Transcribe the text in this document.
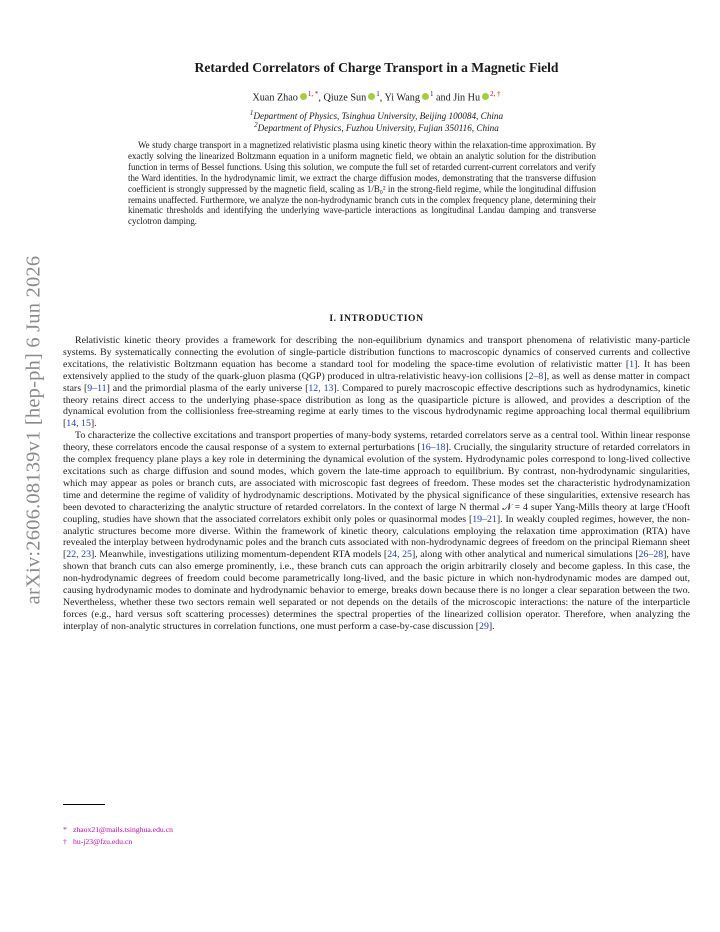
arXiv:2606.08139v1 [hep-ph] 6 Jun 2026
Retarded Correlators of Charge Transport in a Magnetic Field
Xuan Zhao $^{1, *}$, Qiuze Sun $^1$, Yi Wang $^1$ and Jin Hu $^{2, \dagger}$
$^1$Department of Physics, Tsinghua University, Beijing 100084, China
$^2$Department of Physics, Fuzhou University, Fujian 350116, China
We study charge transport in a magnetized relativistic plasma using kinetic theory within the relaxation-time approximation. By exactly solving the linearized Boltzmann equation in a uniform magnetic field, we obtain an analytic solution for the distribution function in terms of Bessel functions. Using this solution, we compute the full set of retarded current-current correlators and verify the Ward identities. In the hydrodynamic limit, we extract the charge diffusion modes, demonstrating that the transverse diffusion coefficient is strongly suppressed by the magnetic field, scaling as 1/B₀² in the strong-field regime, while the longitudinal diffusion remains unaffected. Furthermore, we analyze the non-hydrodynamic branch cuts in the complex frequency plane, determining their kinematic thresholds and identifying the underlying wave-particle interactions as longitudinal Landau damping and transverse cyclotron damping.
I. INTRODUCTION

Relativistic kinetic theory provides a framework for describing the non-equilibrium dynamics and transport phenomena of relativistic many-particle systems. By systematically connecting the evolution of single-particle distribution functions to macroscopic dynamics of conserved currents and collective excitations, the relativistic Boltzmann equation has become a standard tool for modeling the space-time evolution of relativistic matter [1]. It has been extensively applied to the study of the quark-gluon plasma (QGP) produced in ultra-relativistic heavy-ion collisions [2–8], as well as dense matter in compact stars [9–11] and the primordial plasma of the early universe [12, 13]. Compared to purely macroscopic effective descriptions such as hydrodynamics, kinetic theory retains direct access to the underlying phase-space distribution as long as the quasiparticle picture is allowed, and provides a description of the dynamical evolution from the collisionless free-streaming regime at early times to the viscous hydrodynamic regime approaching local thermal equilibrium [14, 15].

To characterize the collective excitations and transport properties of many-body systems, retarded correlators serve as a central tool. Within linear response theory, these correlators encode the causal response of a system to external perturbations [16–18]. Crucially, the singularity structure of retarded correlators in the complex frequency plane plays a key role in determining the dynamical evolution of the system. Hydrodynamic poles correspond to long-lived collective excitations such as charge diffusion and sound modes, which govern the late-time approach to equilibrium. By contrast, non-hydrodynamic singularities, which may appear as poles or branch cuts, are associated with microscopic fast degrees of freedom. These modes set the characteristic hydrodynamization time and determine the regime of validity of hydrodynamic descriptions. Motivated by the physical significance of these singularities, extensive research has been devoted to characterizing the analytic structure of retarded correlators. In the context of large N thermal 𝒩 = 4 super Yang-Mills theory at large t'Hooft coupling, studies have shown that the associated correlators exhibit only poles or quasinormal modes [19–21]. In weakly coupled regimes, however, the non-analytic structures become more diverse. Within the framework of kinetic theory, calculations employing the relaxation time approximation (RTA) have revealed the interplay between hydrodynamic poles and the branch cuts associated with non-hydrodynamic degrees of freedom on the principal Riemann sheet [22, 23]. Meanwhile, investigations utilizing momentum-dependent RTA models [24, 25], along with other analytical and numerical simulations [26–28], have shown that branch cuts can also emerge prominently, i.e., these branch cuts can approach the origin arbitrarily closely and become gapless. In this case, the non-hydrodynamic degrees of freedom could become parametrically long-lived, and the basic picture in which non-hydrodynamic modes are damped out, causing hydrodynamic modes to dominate and hydrodynamic behavior to emerge, breaks down because there is no longer a clear separation between the two. Nevertheless, whether these two sectors remain well separated or not depends on the details of the microscopic interactions: the nature of the interparticle forces (e.g., hard versus soft scattering processes) determines the spectral properties of the linearized collision operator. Therefore, when analyzing the interplay of non-analytic structures in correlation functions, one must perform a case-by-case discussion [29].

* zhaox21@mails.tsinghua.edu.cn
† hu-j23@fzu.edu.cn
